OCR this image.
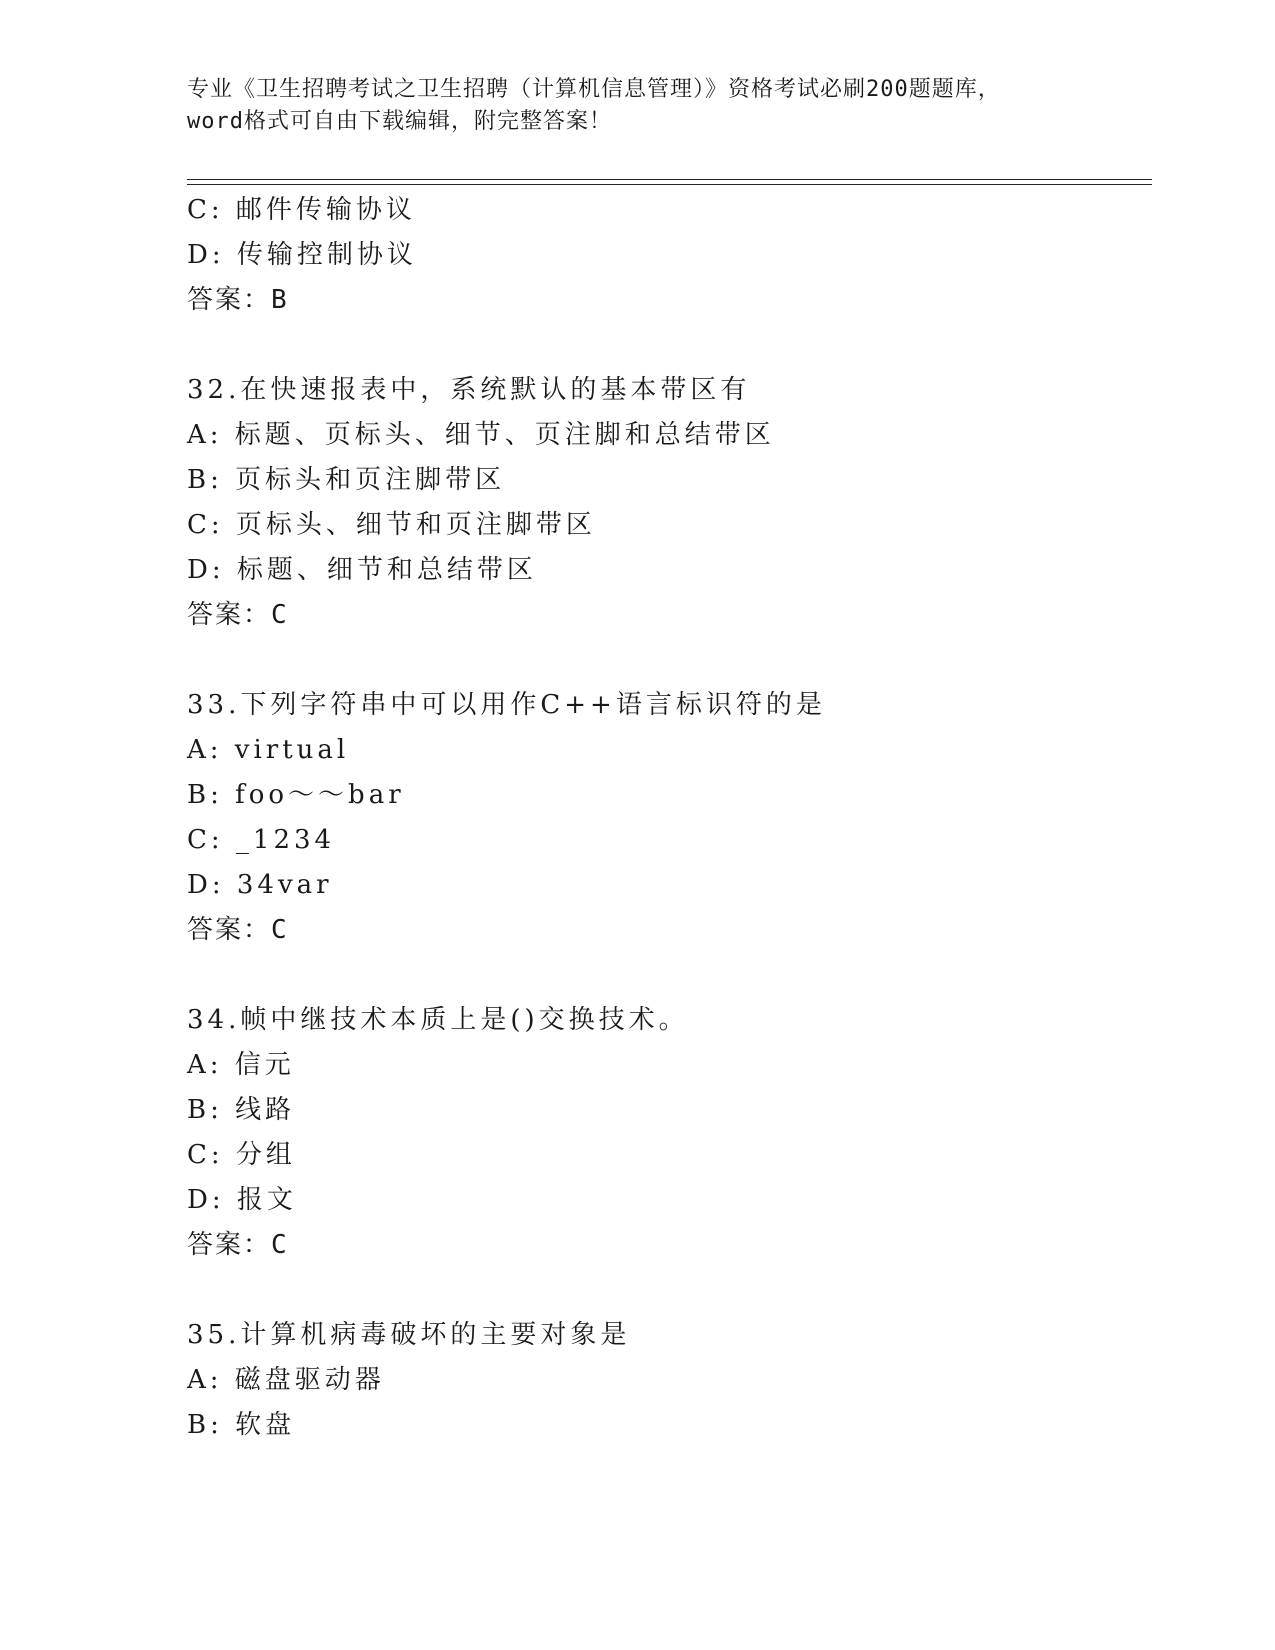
专业《卫生招聘考试之卫生招聘（计算机信息管理）》资格考试必刷200题题库，
word格式可自由下载编辑，附完整答案！
C: 邮件传输协议
D: 传输控制协议
答案：B
32.在快速报表中，系统默认的基本带区有
A: 标题、页标头、细节、页注脚和总结带区
B: 页标头和页注脚带区
C: 页标头、细节和页注脚带区
D: 标题、细节和总结带区
答案：C
33.下列字符串中可以用作C++语言标识符的是
A: virtual
B: foo～～bar
C: _1234
D: 34var
答案：C
34.帧中继技术本质上是()交换技术。
A: 信元
B: 线路
C: 分组
D: 报文
答案：C
35.计算机病毒破坏的主要对象是
A: 磁盘驱动器
B: 软盘
